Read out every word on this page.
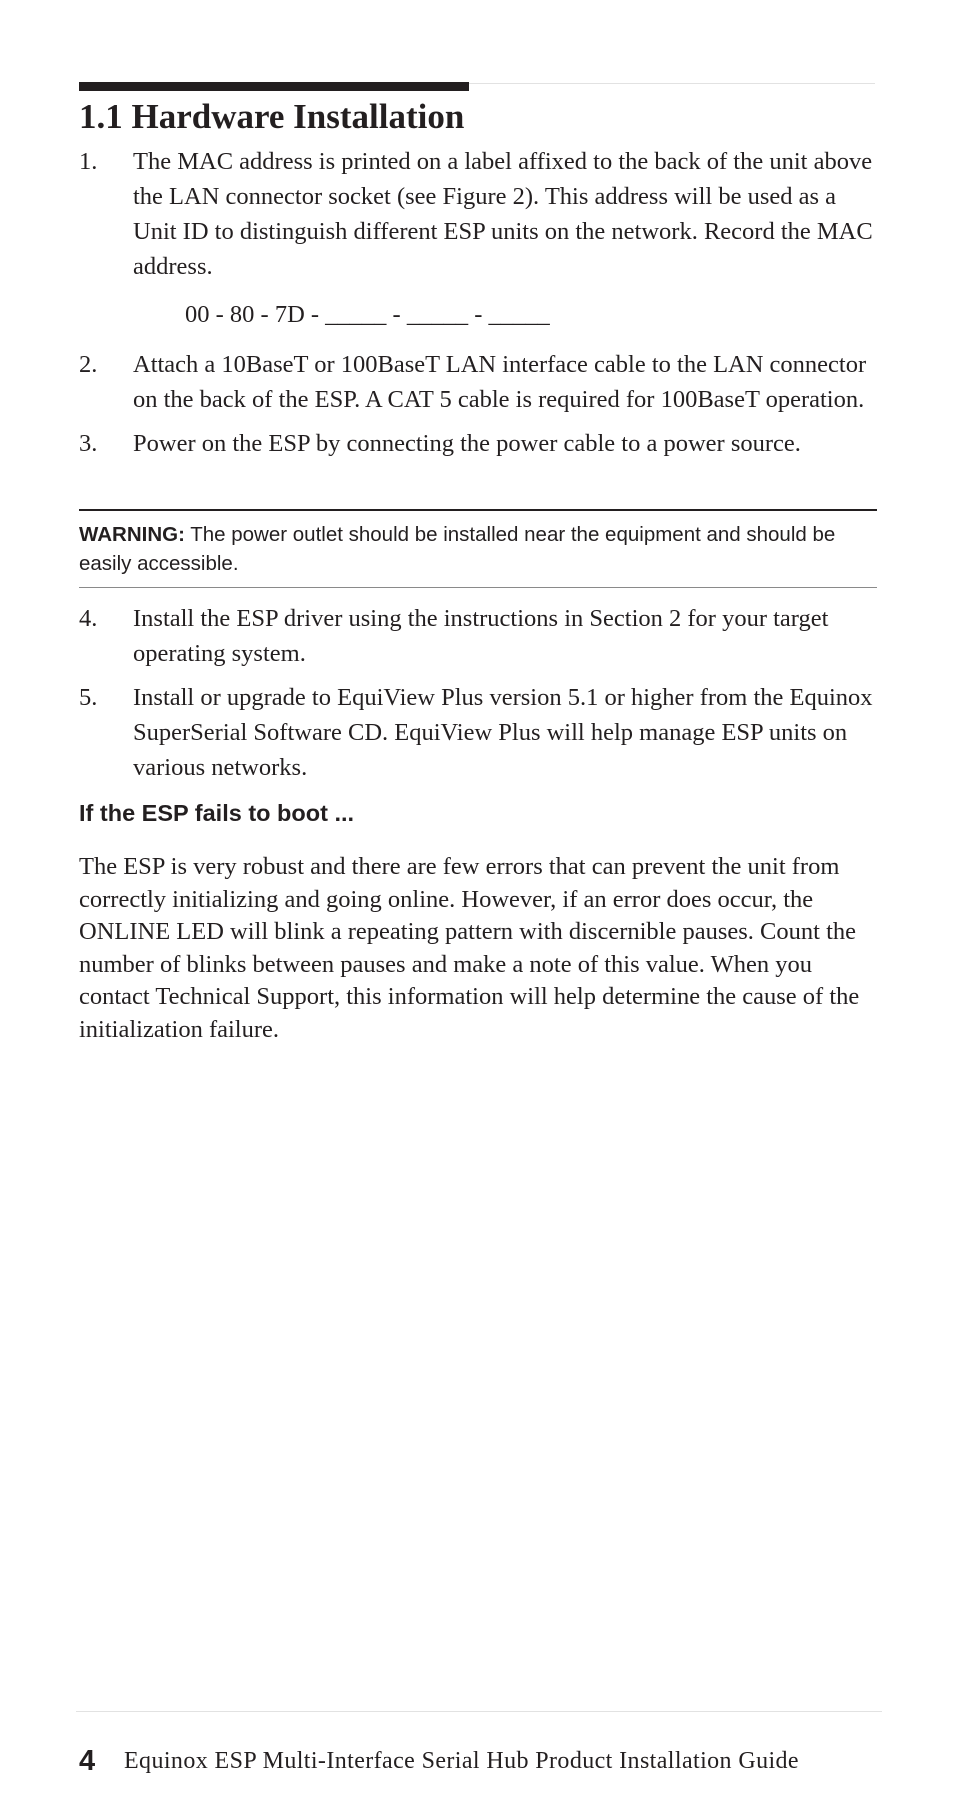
1.1 Hardware Installation
1. The MAC address is printed on a label affixed to the back of the unit above the LAN connector socket (see Figure 2). This address will be used as a Unit ID to distinguish different ESP units on the network. Record the MAC address.
00 - 80 - 7D - _____ - _____ - _____
2. Attach a 10BaseT or 100BaseT LAN interface cable to the LAN connector on the back of the ESP. A CAT 5 cable is required for 100BaseT operation.
3. Power on the ESP by connecting the power cable to a power source.
WARNING: The power outlet should be installed near the equipment and should be easily accessible.
4. Install the ESP driver using the instructions in Section 2 for your target operating system.
5. Install or upgrade to EquiView Plus version 5.1 or higher from the Equinox SuperSerial Software CD. EquiView Plus will help manage ESP units on various networks.
If the ESP fails to boot ...

The ESP is very robust and there are few errors that can prevent the unit from correctly initializing and going online. However, if an error does occur, the ONLINE LED will blink a repeating pattern with discernible pauses. Count the number of blinks between pauses and make a note of this value. When you contact Technical Support, this information will help determine the cause of the initialization failure.

4 Equinox ESP Multi-Interface Serial Hub Product Installation Guide
